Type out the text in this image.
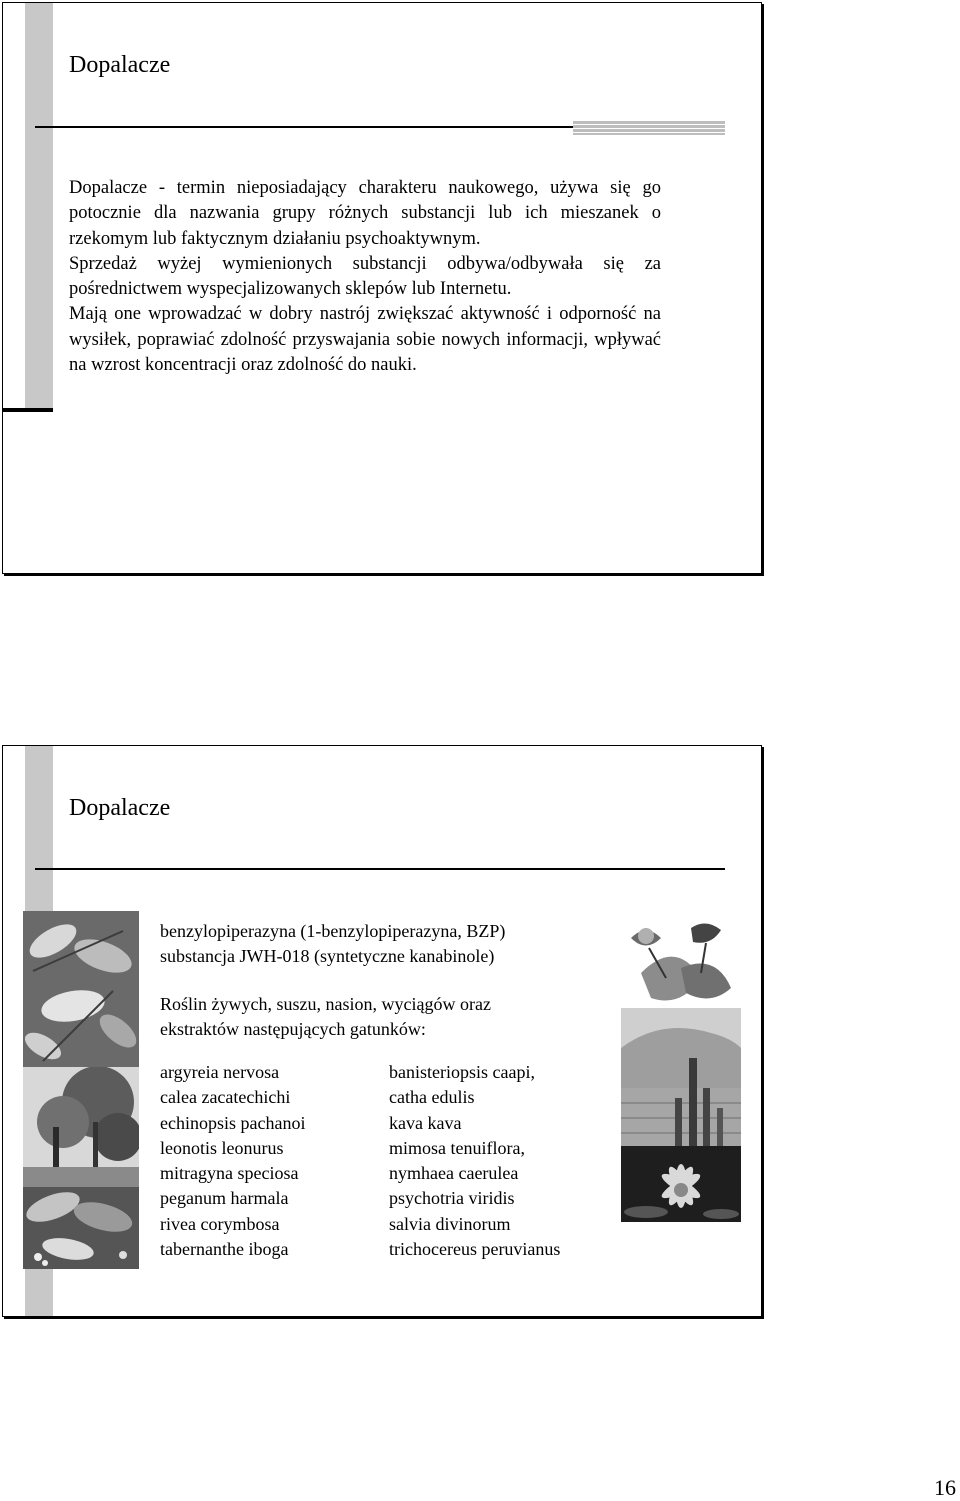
Dopalacze

Dopalacze - termin nieposiadający charakteru naukowego, używa się go potocznie dla nazwania grupy różnych substancji lub ich mieszanek o rzekomym lub faktycznym działaniu psychoaktywnym.

Sprzedaż wyżej wymienionych substancji odbywa/odbywała się za pośrednictwem wyspecjalizowanych sklepów lub Internetu.

Mają one wprowadzać w dobry nastrój zwiększać aktywność i odporność na wysiłek, poprawiać zdolność przyswajania sobie nowych informacji, wpływać na wzrost koncentracji oraz zdolność do nauki.

Dopalacze
benzylopiperazyna (1-benzylopiperazyna, BZP)
substancja JWH-018 (syntetyczne kanabinole)
Roślin żywych, suszu, nasion, wyciągów oraz
ekstraktów następujących gatunków:
argyreia nervosa
calea zacatechichi
echinopsis pachanoi
leonotis leonurus
mitragyna speciosa
peganum harmala
rivea corymbosa
tabernanthe iboga
banisteriopsis caapi,
catha edulis
kava kava
mimosa tenuiflora,
nymhaea caerulea
psychotria viridis
salvia divinorum
trichocereus peruvianus
16
